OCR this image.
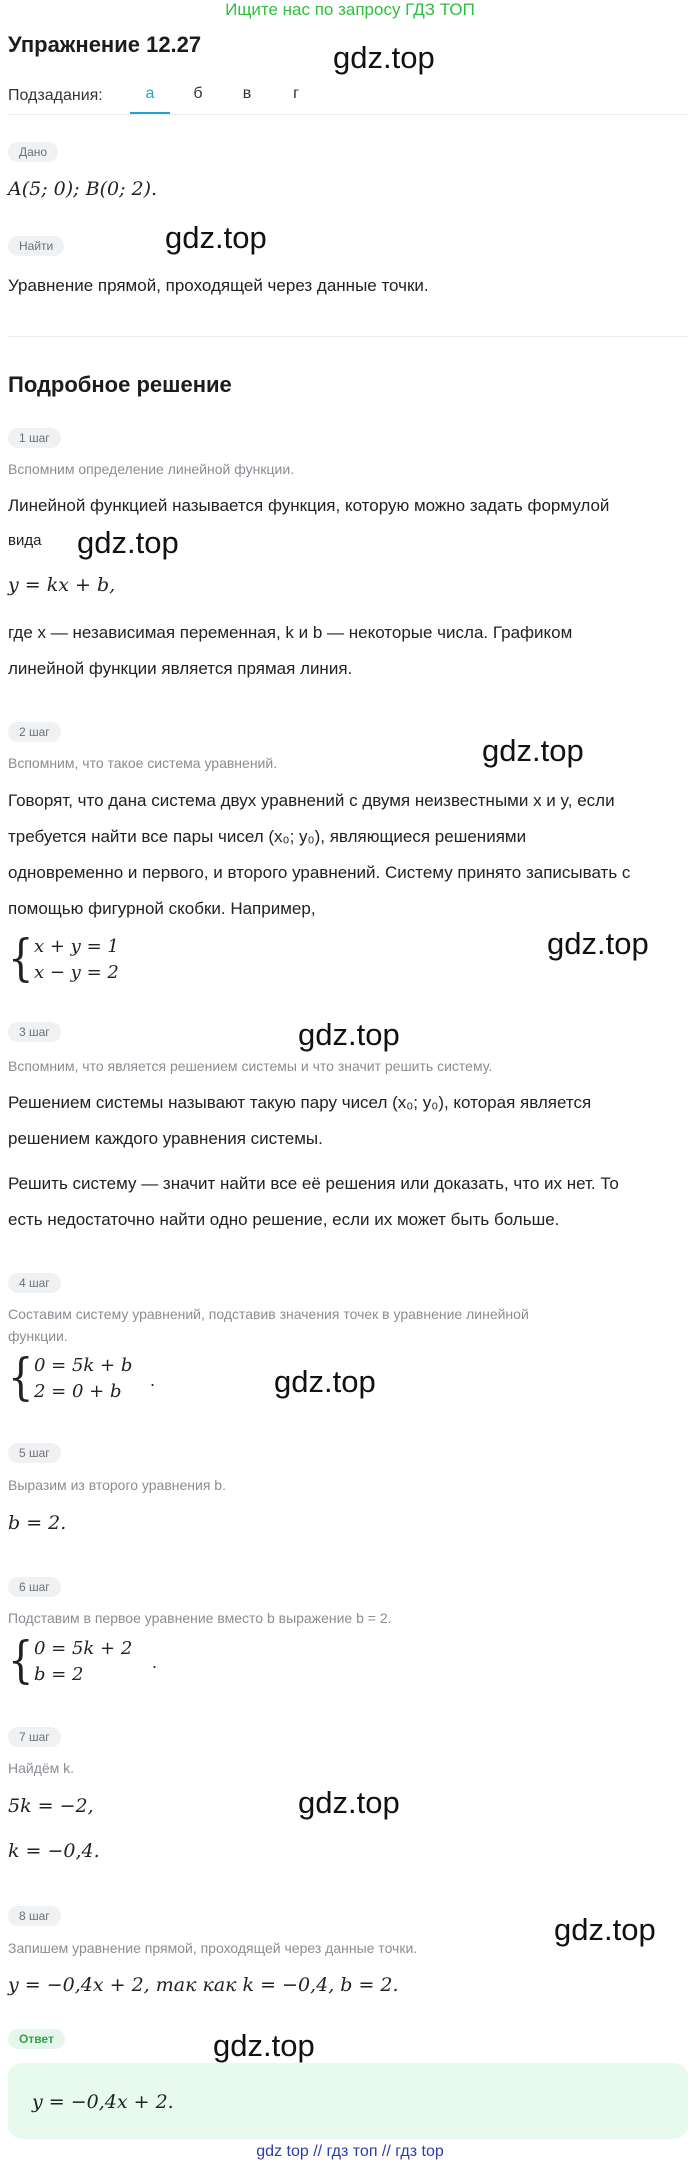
Ищите нас по запросу ГДЗ ТОП
Упражнение 12.27	gdz.top
Подзадания:	а	б	в	г
Дано
A(5; 0); B(0; 2).
Найти	gdz.top
Уравнение прямой, проходящей через данные точки.
Подробное решение
1 шаг
Вспомним определение линейной функции.
Линейной функцией называется функция, которую можно задать формулой
вида gdz.top
y = kx + b,
где x — независимая переменная, k и b — некоторые числа. Графиком
линейной функции является прямая линия.
2 шаг
gdz.top
Вспомним, что такое система уравнений.
Говорят, что дана система двух уравнений с двумя неизвестными x и y, если
требуется найти все пары чисел (x₀; y₀), являющиеся решениями
одновременно и первого, и второго уравнений. Систему принято записывать с
помощью фигурной скобки. Например,
{ x + y = 1
x − y = 2
gdz.top
gdz.top
3 шаг
Вспомним, что является решением системы и что значит решить систему.
Решением системы называют такую пару чисел (x₀; y₀), которая является
решением каждого уравнения системы.
Решить систему — значит найти все её решения или доказать, что их нет. То
есть недостаточно найти одно решение, если их может быть больше.
4 шаг
Составим систему уравнений, подставив значения точек в уравнение линейной
функции.
{ 0 = 5k + b
2 = 0 + b
.	gdz.top
5 шаг
Выразим из второго уравнения b.
b = 2.
6 шаг
Подставим в первое уравнение вместо b выражение b = 2.
{ 0 = 5k + 2
b = 2
.
7 шаг
Найдём k.
gdz.top
5k = −2,
k = −0,4.
8 шаг	gdz.top
Запишем уравнение прямой, проходящей через данные точки.
y = −0,4x + 2, так как k = −0,4, b = 2.
Ответ	gdz.top
y = −0,4x + 2.
gdz top // гдз топ // гдз top
